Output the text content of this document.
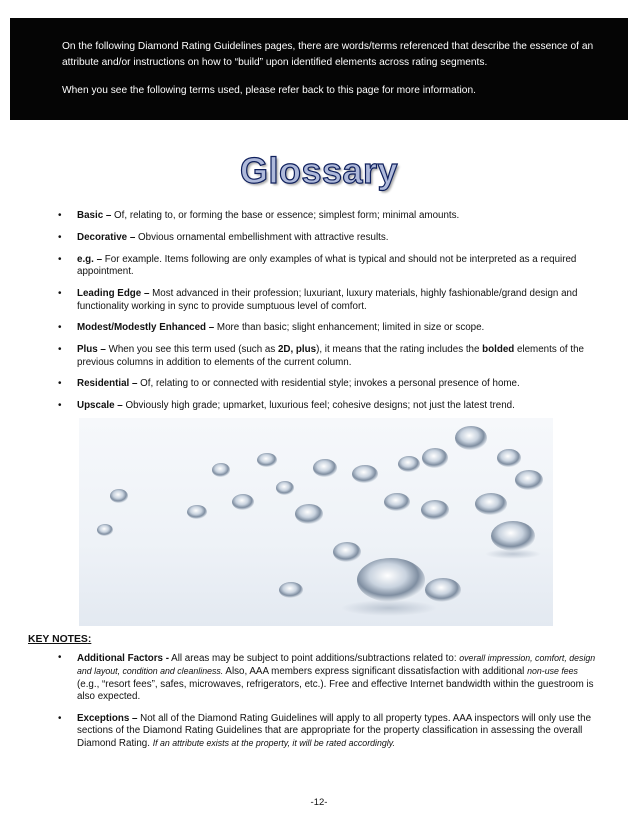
On the following Diamond Rating Guidelines pages, there are words/terms referenced that describe the essence of an attribute and/or instructions on how to “build” upon identified elements across rating segments.

When you see the following terms used, please refer back to this page for more information.

Glossary
• Basic – Of, relating to, or forming the base or essence; simplest form; minimal amounts.
• Decorative – Obvious ornamental embellishment with attractive results.
• e.g. – For example. Items following are only examples of what is typical and should not be interpreted as a required appointment.
• Leading Edge – Most advanced in their profession; luxuriant, luxury materials, highly fashionable/grand design and functionality working in sync to provide sumptuous level of comfort.
• Modest/Modestly Enhanced – More than basic; slight enhancement; limited in size or scope.
• Plus – When you see this term used (such as 2D, plus), it means that the rating includes the bolded elements of the previous columns in addition to elements of the current column.
• Residential – Of, relating to or connected with residential style; invokes a personal presence of home.
• Upscale – Obviously high grade; upmarket, luxurious feel; cohesive designs; not just the latest trend.
KEY NOTES:
• Additional Factors - All areas may be subject to point additions/subtractions related to: overall impression, comfort, design and layout, condition and cleanliness. Also, AAA members express significant dissatisfaction with additional non-use fees (e.g., “resort fees”, safes, microwaves, refrigerators, etc.). Free and effective Internet bandwidth within the guestroom is also expected.
• Exceptions – Not all of the Diamond Rating Guidelines will apply to all property types. AAA inspectors will only use the sections of the Diamond Rating Guidelines that are appropriate for the property classification in assessing the overall Diamond Rating. If an attribute exists at the property, it will be rated accordingly.
-12-
